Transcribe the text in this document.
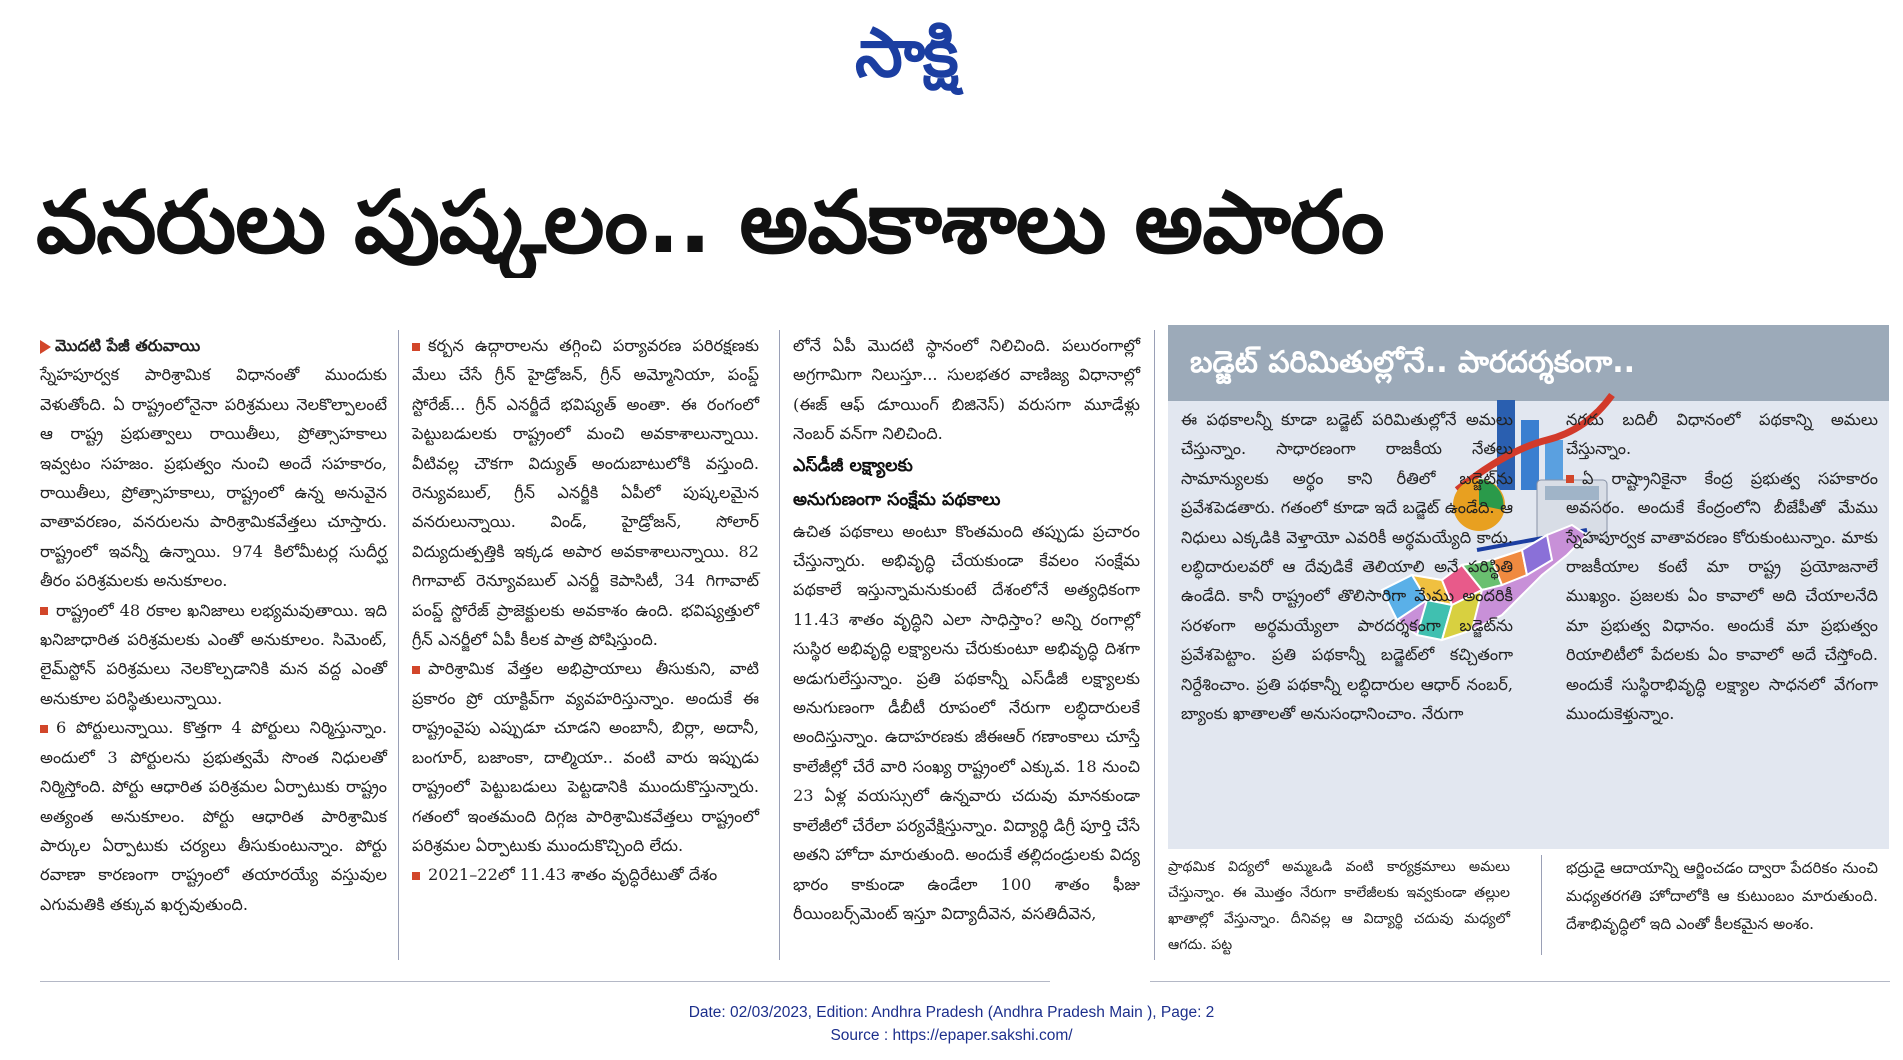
సాక్షి
వనరులు పుష్కలం.. అవకాశాలు అపారం

మొదటి పేజీ తరువాయి

స్నేహపూర్వక పారిశ్రామిక విధానంతో ముందుకు వెళుతోంది. ఏ రాష్ట్రంలోనైనా పరిశ్రమలు నెలకొల్పాలంటే ఆ రాష్ట్ర ప్రభుత్వాలు రాయితీలు, ప్రోత్సాహకాలు ఇవ్వటం సహజం. ప్రభుత్వం నుంచి అందే సహకారం, రాయితీలు, ప్రోత్సాహకాలు, రాష్ట్రంలో ఉన్న అనువైన వాతావరణం, వనరులను పారిశ్రామికవేత్తలు చూస్తారు. రాష్ట్రంలో ఇవన్నీ ఉన్నాయి. 974 కిలోమీటర్ల సుదీర్ఘ తీరం పరిశ్రమలకు అనుకూలం.

రాష్ట్రంలో 48 రకాల ఖనిజాలు లభ్యమవుతాయి. ఇది ఖనిజాధారిత పరిశ్రమలకు ఎంతో అనుకూలం. సిమెంట్, లైమ్‌స్టోన్ పరిశ్రమలు నెలకొల్పడానికి మన వద్ద ఎంతో అనుకూల పరిస్థితులున్నాయి.

6 పోర్టులున్నాయి. కొత్తగా 4 పోర్టులు నిర్మిస్తున్నాం. అందులో 3 పోర్టులను ప్రభుత్వమే సొంత నిధులతో నిర్మిస్తోంది. పోర్టు ఆధారిత పరిశ్రమల ఏర్పాటుకు రాష్ట్రం అత్యంత అనుకూలం. పోర్టు ఆధారిత పారిశ్రామిక పార్కుల ఏర్పాటుకు చర్యలు తీసుకుంటున్నాం. పోర్టు రవాణా కారణంగా రాష్ట్రంలో తయారయ్యే వస్తువుల ఎగుమతికి తక్కువ ఖర్చవుతుంది.

కర్బన ఉద్గారాలను తగ్గించి పర్యావరణ పరిరక్షణకు మేలు చేసే గ్రీన్ హైడ్రోజన్, గ్రీన్ అమ్మోనియా, పంప్డ్ స్టోరేజ్... గ్రీన్ ఎనర్జీదే భవిష్యత్ అంతా. ఈ రంగంలో పెట్టుబడులకు రాష్ట్రంలో మంచి అవకాశాలున్నాయి. వీటివల్ల చౌకగా విద్యుత్ అందుబాటులోకి వస్తుంది. రెన్యువబుల్, గ్రీన్ ఎనర్జీకి ఏపీలో పుష్కలమైన వనరులున్నాయి. విండ్, హైడ్రోజన్, సోలార్ విద్యుదుత్పత్తికి ఇక్కడ అపార అవకాశాలున్నాయి. 82 గిగావాట్ రెన్యూవబుల్ ఎనర్జీ కెపాసిటీ, 34 గిగావాట్ పంప్డ్ స్టోరేజ్ ప్రాజెక్టులకు అవకాశం ఉంది. భవిష్యత్తులో గ్రీన్ ఎనర్జీలో ఏపీ కీలక పాత్ర పోషిస్తుంది.

పారిశ్రామిక వేత్తల అభిప్రాయాలు తీసుకుని, వాటి ప్రకారం ప్రో యాక్టివ్‌గా వ్యవహరిస్తున్నాం. అందుకే ఈ రాష్ట్రంవైపు ఎప్పుడూ చూడని అంబానీ, బిర్లా, అదానీ, బంగూర్, బజాంకా, దాల్మియా.. వంటి వారు ఇప్పుడు రాష్ట్రంలో పెట్టుబడులు పెట్టడానికి ముందుకొస్తున్నారు. గతంలో ఇంతమంది దిగ్గజ పారిశ్రామికవేత్తలు రాష్ట్రంలో పరిశ్రమల ఏర్పాటుకు ముందుకొచ్చింది లేదు.

2021–22లో 11.43 శాతం వృద్ధిరేటుతో దేశం

లోనే ఏపీ మొదటి స్థానంలో నిలిచింది. పలురంగాల్లో అగ్రగామిగా నిలుస్తూ... సులభతర వాణిజ్య విధానాల్లో (ఈజ్ ఆఫ్ డూయింగ్ బిజినెస్) వరుసగా మూడేళ్లు నెంబర్ వన్‌గా నిలిచింది.

ఎస్‌డీజీ లక్ష్యాలకు

అనుగుణంగా సంక్షేమ పథకాలు

ఉచిత పథకాలు అంటూ కొంతమంది తప్పుడు ప్రచారం చేస్తున్నారు. అభివృద్ధి చేయకుండా కేవలం సంక్షేమ పథకాలే ఇస్తున్నామనుకుంటే దేశంలోనే అత్యధికంగా 11.43 శాతం వృద్ధిని ఎలా సాధిస్తాం? అన్ని రంగాల్లో సుస్థిర అభివృద్ధి లక్ష్యాలను చేరుకుంటూ అభివృద్ధి దిశగా అడుగులేస్తున్నాం. ప్రతి పథకాన్నీ ఎస్‌డీజీ లక్ష్యాలకు అనుగుణంగా డీబీటీ రూపంలో నేరుగా లబ్ధిదారులకే అందిస్తున్నాం. ఉదాహరణకు జీఈఆర్ గణాంకాలు చూస్తే కాలేజీల్లో చేరే వారి సంఖ్య రాష్ట్రంలో ఎక్కువ. 18 నుంచి 23 ఏళ్ల వయస్సులో ఉన్నవారు చదువు మానకుండా కాలేజీలో చేరేలా పర్యవేక్షిస్తున్నాం. విద్యార్థి డిగ్రీ పూర్తి చేసే అతని హోదా మారుతుంది. అందుకే తల్లిదండ్రులకు విద్య భారం కాకుండా ఉండేలా 100 శాతం ఫీజు రీయింబర్స్‌మెంట్ ఇస్తూ విద్యాదీవెన, వసతిదీవెన,

బడ్జెట్ పరిమితుల్లోనే.. పారదర్శకంగా..

ఈ పథకాలన్నీ కూడా బడ్జెట్ పరిమితుల్లోనే అమలు చేస్తున్నాం. సాధారణంగా రాజకీయ నేతలు సామాన్యులకు అర్థం కాని రీతిలో బడ్జెట్‌ను ప్రవేశపెడతారు. గతంలో కూడా ఇదే బడ్జెట్ ఉండేది. ఆ నిధులు ఎక్కడికి వెళ్తాయో ఎవరికీ అర్థమయ్యేది కాదు. లబ్ధిదారులవరో ఆ దేవుడికే తెలియాలి అనే పరిస్థితి ఉండేది. కానీ రాష్ట్రంలో తొలిసారిగా మేము అందరికీ సరళంగా అర్థమయ్యేలా పారదర్శకంగా బడ్జెట్‌ను ప్రవేశపెట్టాం. ప్రతి పథకాన్నీ బడ్జెట్‌లో కచ్చితంగా నిర్దేశించాం. ప్రతి పథకాన్నీ లబ్ధిదారుల ఆధార్ నంబర్, బ్యాంకు ఖాతాలతో అనుసంధానించాం. నేరుగా

నగదు బదిలీ విధానంలో పథకాన్ని అమలు చేస్తున్నాం.

ఏ రాష్ట్రానికైనా కేంద్ర ప్రభుత్వ సహకారం అవసరం. అందుకే కేంద్రంలోని బీజేపీతో మేము స్నేహపూర్వక వాతావరణం కోరుకుంటున్నాం. మాకు రాజకీయాల కంటే మా రాష్ట్ర ప్రయోజనాలే ముఖ్యం. ప్రజలకు ఏం కావాలో అది చేయాలనేది మా ప్రభుత్వ విధానం. అందుకే మా ప్రభుత్వం రియాలిటీలో పేదలకు ఏం కావాలో అదే చేస్తోంది. అందుకే సుస్థిరాభివృద్ధి లక్ష్యాల సాధనలో వేగంగా ముందుకెళ్తున్నాం.

ప్రాథమిక విద్యలో అమ్మఒడి వంటి కార్యక్రమాలు అమలు చేస్తున్నాం. ఈ మొత్తం నేరుగా కాలేజీలకు ఇవ్వకుండా తల్లుల ఖాతాల్లో వేస్తున్నాం. దీనివల్ల ఆ విద్యార్థి చదువు మధ్యలో ఆగదు. పట్ట

భద్రుడై ఆదాయాన్ని ఆర్జించడం ద్వారా పేదరికం నుంచి మధ్యతరగతి హోదాలోకి ఆ కుటుంబం మారుతుంది. దేశాభివృద్ధిలో ఇది ఎంతో కీలకమైన అంశం.

Date: 02/03/2023, Edition: Andhra Pradesh (Andhra Pradesh Main ), Page: 2
Source : https://epaper.sakshi.com/
